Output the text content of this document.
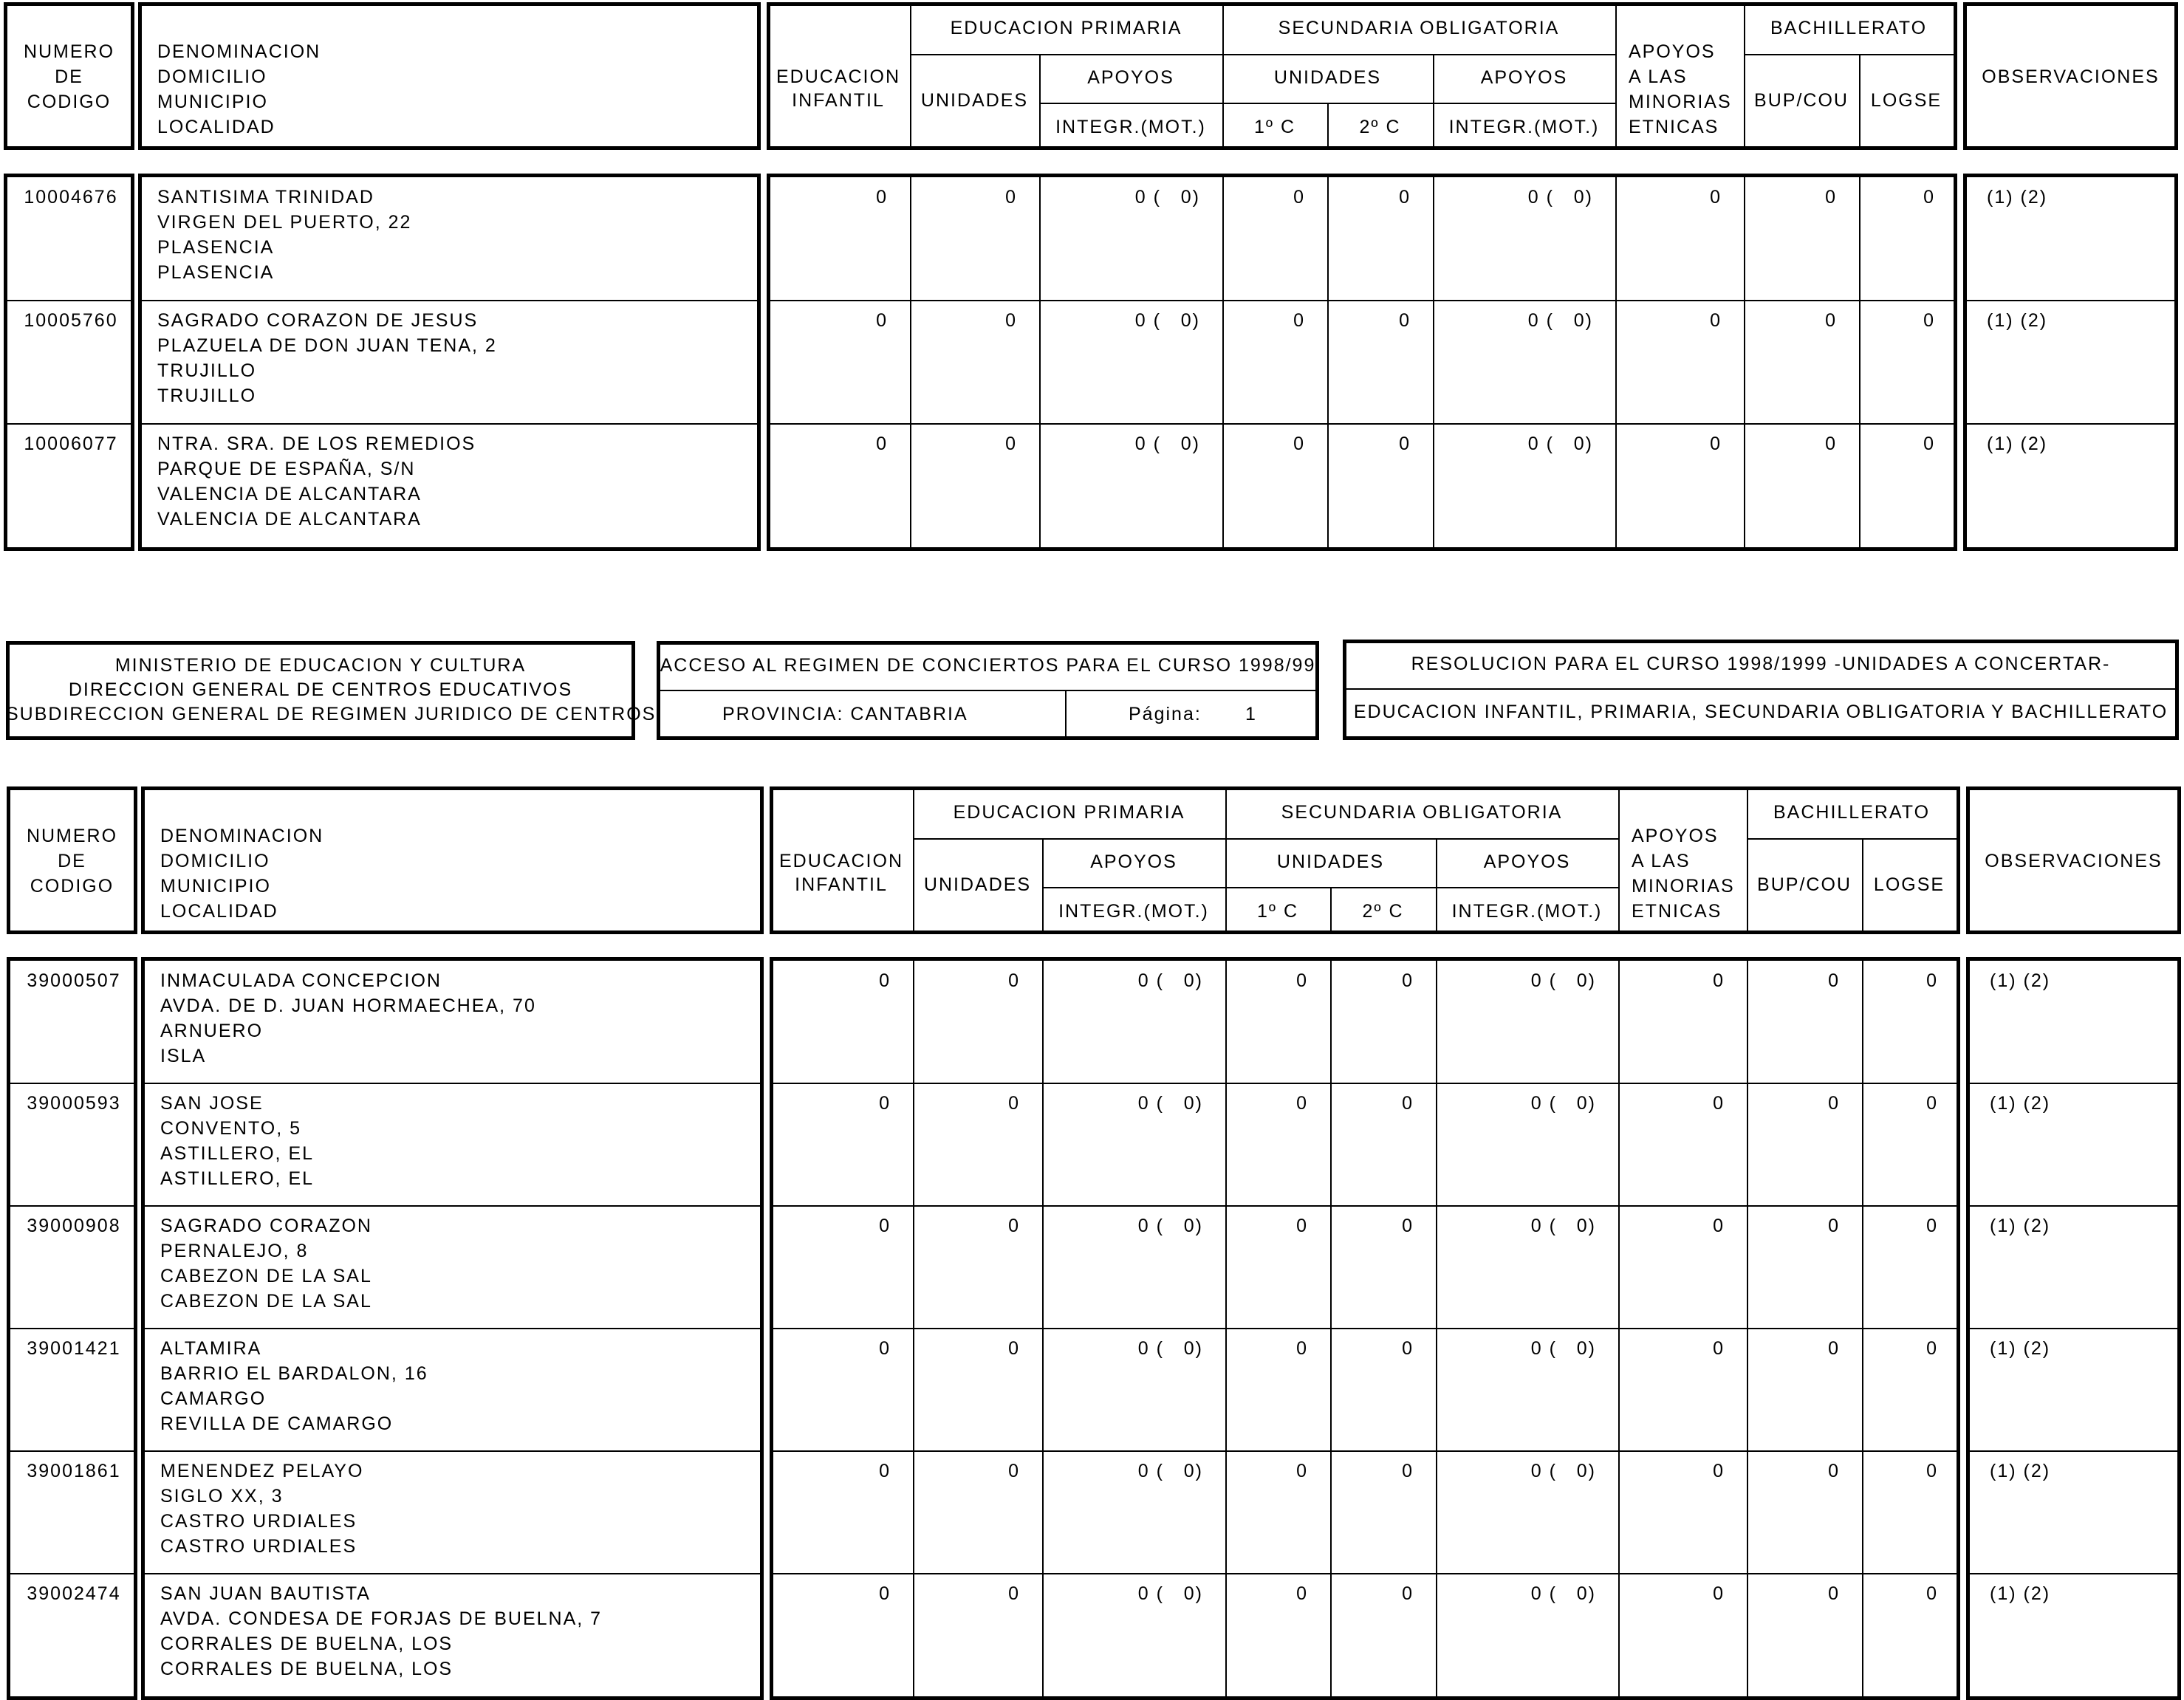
MINISTERIO DE EDUCACION Y CULTURA
DIRECCION GENERAL DE CENTROS EDUCATIVOS
SUBDIRECCION GENERAL DE REGIMEN JURIDICO DE CENTROS
ACCESO AL REGIMEN DE CONCIERTOS PARA EL CURSO 1998/99
PROVINCIA: CANTABRIA	Página: 1
RESOLUCION PARA EL CURSO 1998/1999 -UNIDADES A CONCERTAR-
EDUCACION INFANTIL, PRIMARIA, SECUNDARIA OBLIGATORIA Y BACHILLERATO
NUMERO
DE
CODIGO
DENOMINACION
DOMICILIO
MUNICIPIO
LOCALIDAD
EDUCACION
INFANTIL
EDUCACION PRIMARIA	SECUNDARIA OBLIGATORIA
UNIDADES
APOYOS
INTEGR.(MOT.)
UNIDADES
1º C	2º C
APOYOS
INTEGR.(MOT.)
APOYOS
A LAS
MINORIAS
ETNICAS
BACHILLERATO
BUP/COU	LOGSE
OBSERVACIONES
10004676	SANTISIMA TRINIDAD
VIRGEN DEL PUERTO, 22
PLASENCIA
PLASENCIA
0	0	0 (   0)	0	0	0 (   0)	0	0	0	(1) (2)
10005760	SAGRADO CORAZON DE JESUS
PLAZUELA DE DON JUAN TENA, 2
TRUJILLO
TRUJILLO
0	0	0 (   0)	0	0	0 (   0)	0	0	0	(1) (2)
10006077	NTRA. SRA. DE LOS REMEDIOS
PARQUE DE ESPAÑA, S/N
VALENCIA DE ALCANTARA
VALENCIA DE ALCANTARA
0	0	0 (   0)	0	0	0 (   0)	0	0	0	(1) (2)
NUMERO
DE
CODIGO
DENOMINACION
DOMICILIO
MUNICIPIO
LOCALIDAD
EDUCACION
INFANTIL
EDUCACION PRIMARIA	SECUNDARIA OBLIGATORIA
UNIDADES
APOYOS
INTEGR.(MOT.)
UNIDADES
1º C	2º C
APOYOS
INTEGR.(MOT.)
APOYOS
A LAS
MINORIAS
ETNICAS
BACHILLERATO
BUP/COU	LOGSE
OBSERVACIONES
39000507	INMACULADA CONCEPCION
AVDA. DE D. JUAN HORMAECHEA, 70
ARNUERO
ISLA
0	0	0 (   0)	0	0	0 (   0)	0	0	0	(1) (2)
39000593	SAN JOSE
CONVENTO, 5
ASTILLERO, EL
ASTILLERO, EL
0	0	0 (   0)	0	0	0 (   0)	0	0	0	(1) (2)
39000908	SAGRADO CORAZON
PERNALEJO, 8
CABEZON DE LA SAL
CABEZON DE LA SAL
0	0	0 (   0)	0	0	0 (   0)	0	0	0	(1) (2)
39001421	ALTAMIRA
BARRIO EL BARDALON, 16
CAMARGO
REVILLA DE CAMARGO
0	0	0 (   0)	0	0	0 (   0)	0	0	0	(1) (2)
39001861	MENENDEZ PELAYO
SIGLO XX, 3
CASTRO URDIALES
CASTRO URDIALES
0	0	0 (   0)	0	0	0 (   0)	0	0	0	(1) (2)
39002474	SAN JUAN BAUTISTA
AVDA. CONDESA DE FORJAS DE BUELNA, 7
CORRALES DE BUELNA, LOS
CORRALES DE BUELNA, LOS
0	0	0 (   0)	0	0	0 (   0)	0	0	0	(1) (2)
